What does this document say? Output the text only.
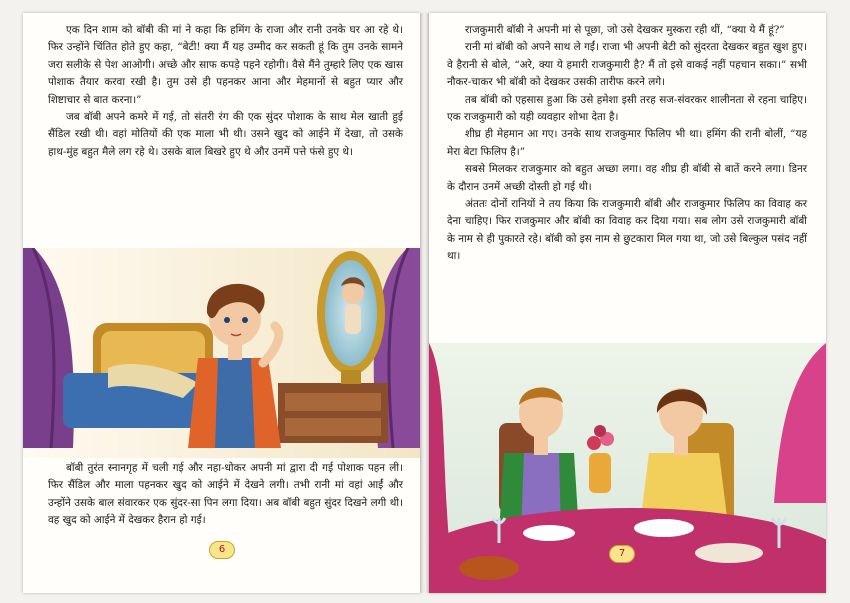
एक दिन शाम को बॉबी की मां ने कहा कि हमिंग के राजा और रानी उनके घर आ रहे थे। फिर उन्होंने चिंतित होते हुए कहा, “बेटी! क्या मैं यह उम्मीद कर सकती हूं कि तुम उनके सामने जरा सलीके से पेश आओगी। अच्छे और साफ कपड़े पहने रहोगी। वैसे मैंने तुम्हारे लिए एक खास पोशाक तैयार करवा रखी है। तुम उसे ही पहनकर आना और मेहमानों से बहुत प्यार और शिष्टाचार से बात करना।”

जब बॉबी अपने कमरे में गई, तो संतरी रंग की एक सुंदर पोशाक के साथ मेल खाती हुई सैंडिल रखी थी। वहां मोतियों की एक माला भी थी। उसने खुद को आईने में देखा, तो उसके हाथ-मुंह बहुत मैले लग रहे थे। उसके बाल बिखरे हुए थे और उनमें पत्ते फंसे हुए थे।

बॉबी तुरंत स्नानगृह में चली गई और नहा-धोकर अपनी मां द्वारा दी गई पोशाक पहन ली। फिर सैंडिल और माला पहनकर खुद को आईने में देखने लगी। तभी रानी मां वहां आईं और उन्होंने उसके बाल संवारकर एक सुंदर-सा पिन लगा दिया। अब बॉबी बहुत सुंदर दिखने लगी थी। वह खुद को आईने में देखकर हैरान हो गई।

6

राजकुमारी बॉबी ने अपनी मां से पूछा, जो उसे देखकर मुस्करा रही थीं, “क्या ये मैं हूं?”

रानी मां बॉबी को अपने साथ ले गईं। राजा भी अपनी बेटी को सुंदरता देखकर बहुत खुश हुए। वे हैरानी से बोले, “अरे, क्या ये हमारी राजकुमारी है? मैं तो इसे वाकई नहीं पहचान सका।” सभी नौकर-चाकर भी बॉबी को देखकर उसकी तारीफ करने लगे।

तब बॉबी को एहसास हुआ कि उसे हमेशा इसी तरह सज-संवरकर शालीनता से रहना चाहिए। एक राजकुमारी को यही व्यवहार शोभा देता है।

शीघ्र ही मेहमान आ गए। उनके साथ राजकुमार फिलिप भी था। हमिंग की रानी बोलीं, “यह मेरा बेटा फिलिप है।”

सबसे मिलकर राजकुमार को बहुत अच्छा लगा। वह शीघ्र ही बॉबी से बातें करने लगा। डिनर के दौरान उनमें अच्छी दोस्ती हो गई थी।

अंततः दोनों रानियों ने तय किया कि राजकुमारी बॉबी और राजकुमार फिलिप का विवाह कर देना चाहिए। फिर राजकुमार और बॉबी का विवाह कर दिया गया। सब लोग उसे राजकुमारी बॉबी के नाम से ही पुकारते रहे। बॉबी को इस नाम से छुटकारा मिल गया था, जो उसे बिल्कुल पसंद नहीं था।

7
